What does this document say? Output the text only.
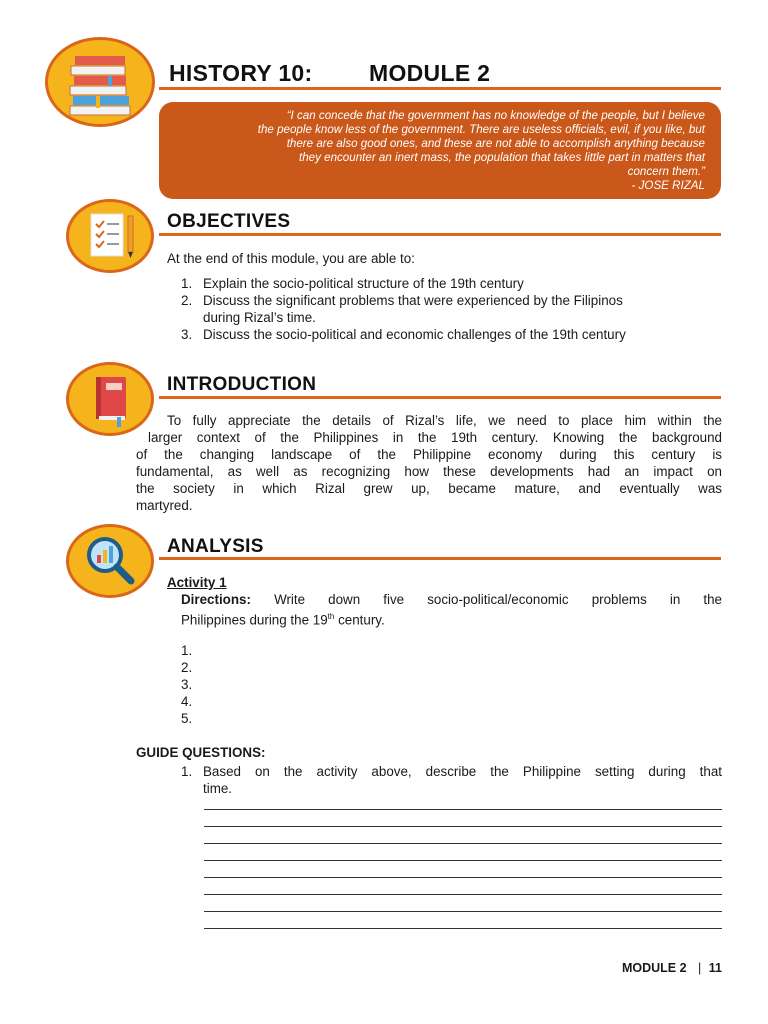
HISTORY 10: MODULE 2
“I can concede that the government has no knowledge of the people, but I believe
the people know less of the government. There are useless officials, evil, if you like, but
there are also good ones, and these are not able to accomplish anything because
they encounter an inert mass, the population that takes little part in matters that
concern them.”
- JOSE RIZAL
OBJECTIVES
At the end of this module, you are able to:
1. Explain the socio-political structure of the 19th century
2. Discuss the significant problems that were experienced by the Filipinos
during Rizal’s time.
3. Discuss the socio-political and economic challenges of the 19th century
INTRODUCTION
To fully appreciate the details of Rizal’s life, we need to place him within the
larger context of the Philippines in the 19th century. Knowing the background
of the changing landscape of the Philippine economy during this century is
fundamental, as well as recognizing how these developments had an impact on
the society in which Rizal grew up, became mature, and eventually was
martyred.
ANALYSIS
Activity 1
Directions: Write down five socio-political/economic problems in the
Philippines during the 19th century.
1.
2.
3.
4.
5.
GUIDE QUESTIONS:
1. Based on the activity above, describe the Philippine setting during that
time.
MODULE 2 | 11
